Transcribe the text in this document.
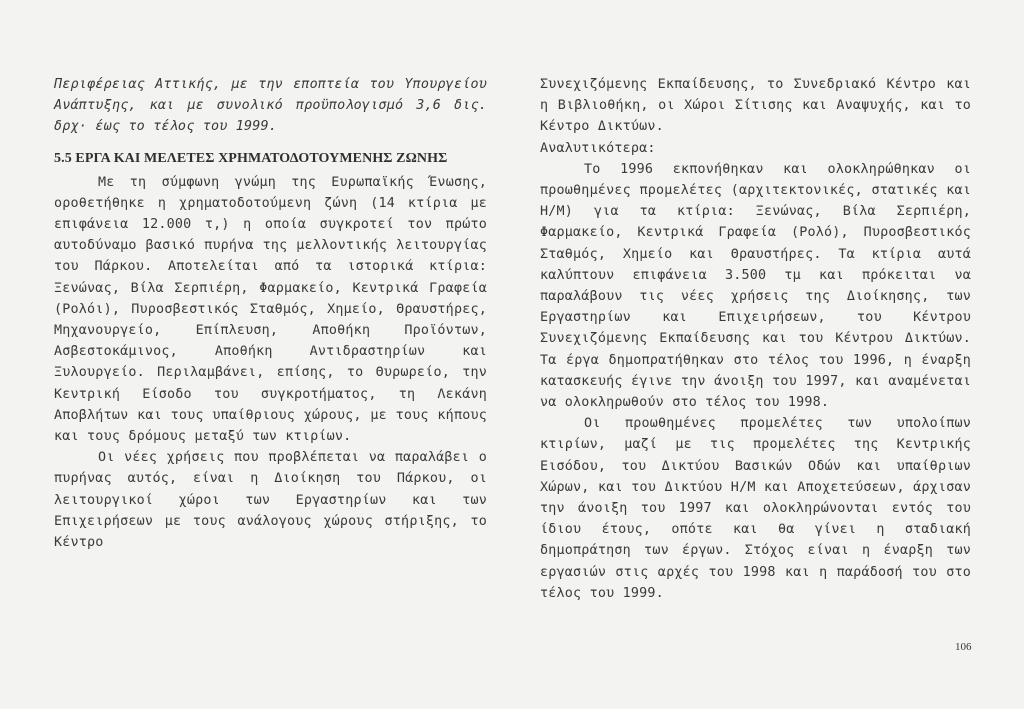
Περιφέρειας Αττικής, με την εποπτεία του Υπουργείου Ανάπτυξης, και με συνολικό προϋπολογισμό 3,6 δις. δρχ· έως το τέλος του 1999.

5.5 ΕΡΓΑ ΚΑΙ ΜΕΛΕΤΕΣ ΧΡΗΜΑΤΟΔΟΤΟΥΜΕΝΗΣ ΖΩΝΗΣ

Με τη σύμφωνη γνώμη της Ευρωπαϊκής Ένωσης, οροθετήθηκε η χρηματοδοτούμενη ζώνη (14 κτίρια με επιφάνεια 12.000 τ,) η οποία συγκροτεί τον πρώτο αυτοδύναμο βασικό πυρήνα της μελλοντικής λειτουργίας του Πάρκου. Αποτελείται από τα ιστορικά κτίρια: Ξενώνας, Βίλα Σερπιέρη, Φαρμακείο, Κεντρικά Γραφεία (Ρολόι), Πυροσβεστικός Σταθμός, Χημείο, Θραυστήρες, Μηχανουργείο, Επίπλευση, Αποθήκη Προϊόντων, Ασβεστοκάμινος, Αποθήκη Αντιδραστηρίων και Ξυλουργείο. Περιλαμβάνει, επίσης, το Θυρωρείο, την Κεντρική Είσοδο του συγκροτήματος, τη Λεκάνη Αποβλήτων και τους υπαίθριους χώρους, με τους κήπους και τους δρόμους μεταξύ των κτιρίων.

Οι νέες χρήσεις που προβλέπεται να παραλάβει ο πυρήνας αυτός, είναι η Διοίκηση του Πάρκου, οι λειτουργικοί χώροι των Εργαστηρίων και των Επιχειρήσεων με τους ανάλογους χώρους στήριξης, το Κέντρο

Συνεχιζόμενης Εκπαίδευσης, το Συνεδριακό Κέντρο και η Βιβλιοθήκη, οι Χώροι Σίτισης και Αναψυχής, και το Κέντρο Δικτύων.

Αναλυτικότερα:

Το 1996 εκπονήθηκαν και ολοκληρώθηκαν οι προωθημένες προμελέτες (αρχιτεκτονικές, στατικές και Η/Μ) για τα κτίρια: Ξενώνας, Βίλα Σερπιέρη, Φαρμακείο, Κεντρικά Γραφεία (Ρολό), Πυροσβεστικός Σταθμός, Χημείο και Θραυστήρες. Τα κτίρια αυτά καλύπτουν επιφάνεια 3.500 τμ και πρόκειται να παραλάβουν τις νέες χρήσεις της Διοίκησης, των Εργαστηρίων και Επιχειρήσεων, του Κέντρου Συνεχιζόμενης Εκπαίδευσης και του Κέντρου Δικτύων. Τα έργα δημοπρατήθηκαν στο τέλος του 1996, η έναρξη κατασκευής έγινε την άνοιξη του 1997, και αναμένεται να ολοκληρωθούν στο τέλος του 1998.

Οι προωθημένες προμελέτες των υπολοίπων κτιρίων, μαζί με τις προμελέτες της Κεντρικής Εισόδου, του Δικτύου Βασικών Οδών και υπαίθριων Χώρων, και του Δικτύου Η/Μ και Αποχετεύσεων, άρχισαν την άνοιξη του 1997 και ολοκληρώνονται εντός του ίδιου έτους, οπότε και θα γίνει η σταδιακή δημοπράτηση των έργων. Στόχος είναι η έναρξη των εργασιών στις αρχές του 1998 και η παράδοσή του στο τέλος του 1999.

106
